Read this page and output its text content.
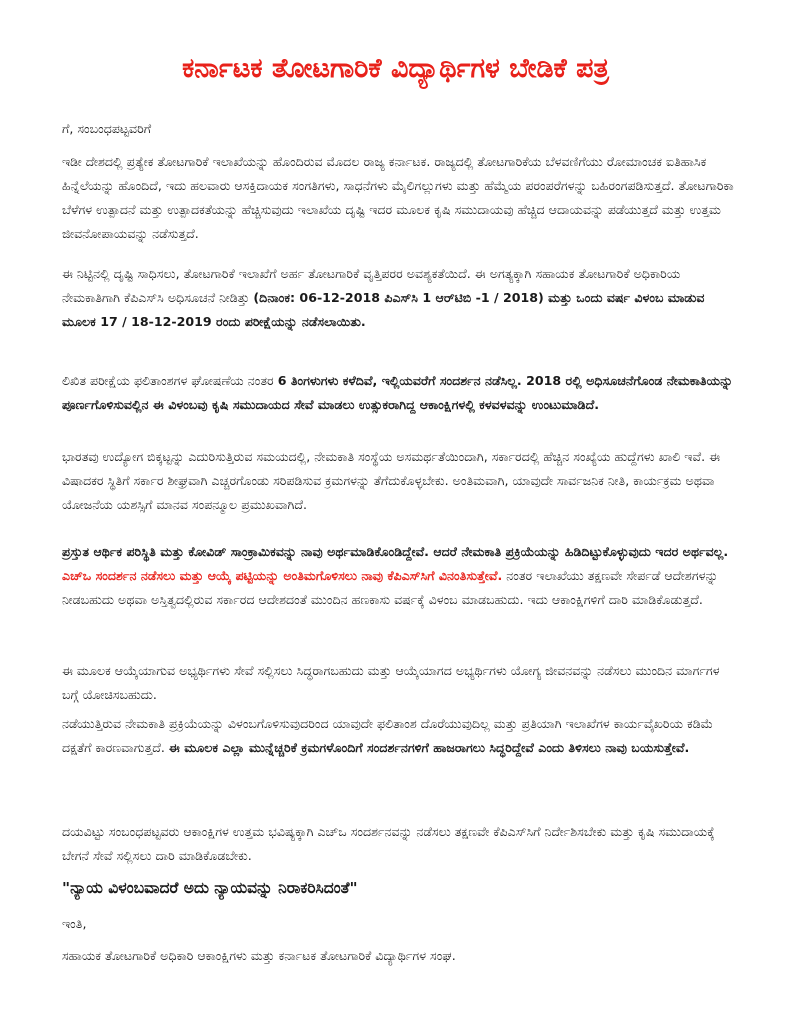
ಕರ್ನಾಟಕ ತೋಟಗಾರಿಕೆ ವಿದ್ಯಾರ್ಥಿಗಳ ಬೇಡಿಕೆ ಪತ್ರ

ಗೆ, ಸಂಬಂಧಪಟ್ಟವರಿಗೆ

ಇಡೀ ದೇಶದಲ್ಲಿ ಪ್ರತ್ಯೇಕ ತೋಟಗಾರಿಕೆ ಇಲಾಖೆಯನ್ನು ಹೊಂದಿರುವ ಮೊದಲ ರಾಜ್ಯ ಕರ್ನಾಟಕ. ರಾಜ್ಯದಲ್ಲಿ ತೋಟಗಾರಿಕೆಯ ಬೆಳವಣಿಗೆಯು ರೋಮಾಂಚಕ ಐತಿಹಾಸಿಕ ಹಿನ್ನೆಲೆಯನ್ನು ಹೊಂದಿದೆ, ಇದು ಹಲವಾರು ಆಸಕ್ತಿದಾಯಕ ಸಂಗತಿಗಳು, ಸಾಧನೆಗಳು ಮೈಲಿಗಲ್ಲುಗಳು ಮತ್ತು ಹೆಮ್ಮೆಯ ಪರಂಪರೆಗಳನ್ನು ಬಹಿರಂಗಪಡಿಸುತ್ತದೆ. ತೋಟಗಾರಿಕಾ ಬೆಳೆಗಳ ಉತ್ಪಾದನೆ ಮತ್ತು ಉತ್ಪಾದಕತೆಯನ್ನು ಹೆಚ್ಚಿಸುವುದು ಇಲಾಖೆಯ ದೃಷ್ಟಿ ಇದರ ಮೂಲಕ ಕೃಷಿ ಸಮುದಾಯವು ಹೆಚ್ಚಿದ ಆದಾಯವನ್ನು ಪಡೆಯುತ್ತದೆ ಮತ್ತು ಉತ್ತಮ ಜೀವನೋಪಾಯವನ್ನು ನಡೆಸುತ್ತದೆ.

ಈ ನಿಟ್ಟಿನಲ್ಲಿ ದೃಷ್ಟಿ ಸಾಧಿಸಲು, ತೋಟಗಾರಿಕೆ ಇಲಾಖೆಗೆ ಅರ್ಹ ತೋಟಗಾರಿಕೆ ವೃತ್ತಿಪರರ ಅವಶ್ಯಕತೆಯಿದೆ. ಈ ಅಗತ್ಯಕ್ಕಾಗಿ ಸಹಾಯಕ ತೋಟಗಾರಿಕೆ ಅಧಿಕಾರಿಯ ನೇಮಕಾತಿಗಾಗಿ ಕೆಪಿಎಸ್‌ಸಿ ಅಧಿಸೂಚನೆ ನೀಡಿತ್ತು (ದಿನಾಂಕ: 06-12-2018 ಪಿಎಸ್‌ಸಿ 1 ಆರ್‌ಟಿಬಿ -1 / 2018) ಮತ್ತು ಒಂದು ವರ್ಷ ವಿಳಂಬ ಮಾಡುವ ಮೂಲಕ 17 / 18-12-2019 ರಂದು ಪರೀಕ್ಷೆಯನ್ನು ನಡೆಸಲಾಯಿತು.

ಲಿಖಿತ ಪರೀಕ್ಷೆಯ ಫಲಿತಾಂಶಗಳ ಘೋಷಣೆಯ ನಂತರ 6 ತಿಂಗಳುಗಳು ಕಳೆದಿವೆ, ಇಲ್ಲಿಯವರೆಗೆ ಸಂದರ್ಶನ ನಡೆಸಿಲ್ಲ. 2018 ರಲ್ಲಿ ಅಧಿಸೂಚನೆಗೊಂಡ ನೇಮಕಾತಿಯನ್ನು ಪೂರ್ಣಗೊಳಿಸುವಲ್ಲಿನ ಈ ವಿಳಂಬವು ಕೃಷಿ ಸಮುದಾಯದ ಸೇವೆ ಮಾಡಲು ಉತ್ಸುಕರಾಗಿದ್ದ ಆಕಾಂಕ್ಷಿಗಳಲ್ಲಿ ಕಳವಳವನ್ನು ಉಂಟುಮಾಡಿದೆ.

ಭಾರತವು ಉದ್ಯೋಗ ಬಿಕ್ಕಟ್ಟನ್ನು ಎದುರಿಸುತ್ತಿರುವ ಸಮಯದಲ್ಲಿ, ನೇಮಕಾತಿ ಸಂಸ್ಥೆಯ ಅಸಮರ್ಥತೆಯಿಂದಾಗಿ, ಸರ್ಕಾರದಲ್ಲಿ ಹೆಚ್ಚಿನ ಸಂಖ್ಯೆಯ ಹುದ್ದೆಗಳು ಖಾಲಿ ಇವೆ. ಈ ವಿಷಾದಕರ ಸ್ಥಿತಿಗೆ ಸರ್ಕಾರ ಶೀಘ್ರವಾಗಿ ಎಚ್ಚರಗೊಂಡು ಸರಿಪಡಿಸುವ ಕ್ರಮಗಳನ್ನು ತೆಗೆದುಕೊಳ್ಳಬೇಕು. ಅಂತಿಮವಾಗಿ, ಯಾವುದೇ ಸಾರ್ವಜನಿಕ ನೀತಿ, ಕಾರ್ಯಕ್ರಮ ಅಥವಾ ಯೋಜನೆಯ ಯಶಸ್ಸಿಗೆ ಮಾನವ ಸಂಪನ್ಮೂಲ ಪ್ರಮುಖವಾಗಿದೆ.

ಪ್ರಸ್ತುತ ಆರ್ಥಿಕ ಪರಿಸ್ಥಿತಿ ಮತ್ತು ಕೋವಿಡ್ ಸಾಂಕ್ರಾಮಿಕವನ್ನು ನಾವು ಅರ್ಥಮಾಡಿಕೊಂಡಿದ್ದೇವೆ. ಆದರೆ ನೇಮಕಾತಿ ಪ್ರಕ್ರಿಯೆಯನ್ನು ಹಿಡಿದಿಟ್ಟುಕೊಳ್ಳುವುದು ಇದರ ಅರ್ಥವಲ್ಲ. ಎಚ್‌ಒ ಸಂದರ್ಶನ ನಡೆಸಲು ಮತ್ತು ಆಯ್ಕೆ ಪಟ್ಟಿಯನ್ನು ಅಂತಿಮಗೊಳಿಸಲು ನಾವು ಕೆಪಿಎಸ್‌ಸಿಗೆ ವಿನಂತಿಸುತ್ತೇವೆ. ನಂತರ ಇಲಾಖೆಯು ತಕ್ಷಣವೇ ಸೇರ್ಪಡೆ ಆದೇಶಗಳನ್ನು ನೀಡಬಹುದು ಅಥವಾ ಅಸ್ತಿತ್ವದಲ್ಲಿರುವ ಸರ್ಕಾರದ ಆದೇಶದಂತೆ ಮುಂದಿನ ಹಣಕಾಸು ವರ್ಷಕ್ಕೆ ವಿಳಂಬ ಮಾಡಬಹುದು. ಇದು ಆಕಾಂಕ್ಷಿಗಳಿಗೆ ದಾರಿ ಮಾಡಿಕೊಡುತ್ತದೆ.

ಈ ಮೂಲಕ ಆಯ್ಕೆಯಾಗುವ ಅಭ್ಯರ್ಥಿಗಳು ಸೇವೆ ಸಲ್ಲಿಸಲು ಸಿದ್ಧರಾಗಬಹುದು ಮತ್ತು ಆಯ್ಕೆಯಾಗದ ಅಭ್ಯರ್ಥಿಗಳು ಯೋಗ್ಯ ಜೀವನವನ್ನು ನಡೆಸಲು ಮುಂದಿನ ಮಾರ್ಗಗಳ ಬಗ್ಗೆ ಯೋಚಿಸಬಹುದು.

ನಡೆಯುತ್ತಿರುವ ನೇಮಕಾತಿ ಪ್ರಕ್ರಿಯೆಯನ್ನು ವಿಳಂಬಗೊಳಿಸುವುದರಿಂದ ಯಾವುದೇ ಫಲಿತಾಂಶ ದೊರೆಯುವುದಿಲ್ಲ ಮತ್ತು ಪ್ರತಿಯಾಗಿ ಇಲಾಖೆಗಳ ಕಾರ್ಯವೈಖರಿಯ ಕಡಿಮೆ ದಕ್ಷತೆಗೆ ಕಾರಣವಾಗುತ್ತದೆ. ಈ ಮೂಲಕ ಎಲ್ಲಾ ಮುನ್ನೆಚ್ಚರಿಕೆ ಕ್ರಮಗಳೊಂದಿಗೆ ಸಂದರ್ಶನಗಳಿಗೆ ಹಾಜರಾಗಲು ಸಿದ್ಧರಿದ್ದೇವೆ ಎಂದು ತಿಳಿಸಲು ನಾವು ಬಯಸುತ್ತೇವೆ.

ದಯವಿಟ್ಟು ಸಂಬಂಧಪಟ್ಟವರು ಆಕಾಂಕ್ಷಿಗಳ ಉತ್ತಮ ಭವಿಷ್ಯಕ್ಕಾಗಿ ಎಚ್‌ಒ ಸಂದರ್ಶನವನ್ನು ನಡೆಸಲು ತಕ್ಷಣವೇ ಕೆಪಿಎಸ್‌ಸಿಗೆ ನಿರ್ದೇಶಿಸಬೇಕು ಮತ್ತು ಕೃಷಿ ಸಮುದಾಯಕ್ಕೆ ಬೇಗನೆ ಸೇವೆ ಸಲ್ಲಿಸಲು ದಾರಿ ಮಾಡಿಕೊಡಬೇಕು.

"ನ್ಯಾಯ ವಿಳಂಬವಾದರೆ ಅದು ನ್ಯಾಯವನ್ನು ನಿರಾಕರಿಸಿದಂತೆ"

ಇಂತಿ,

ಸಹಾಯಕ ತೋಟಗಾರಿಕೆ ಅಧಿಕಾರಿ ಆಕಾಂಕ್ಷಿಗಳು ಮತ್ತು ಕರ್ನಾಟಕ ತೋಟಗಾರಿಕೆ ವಿದ್ಯಾರ್ಥಿಗಳ ಸಂಘ.
